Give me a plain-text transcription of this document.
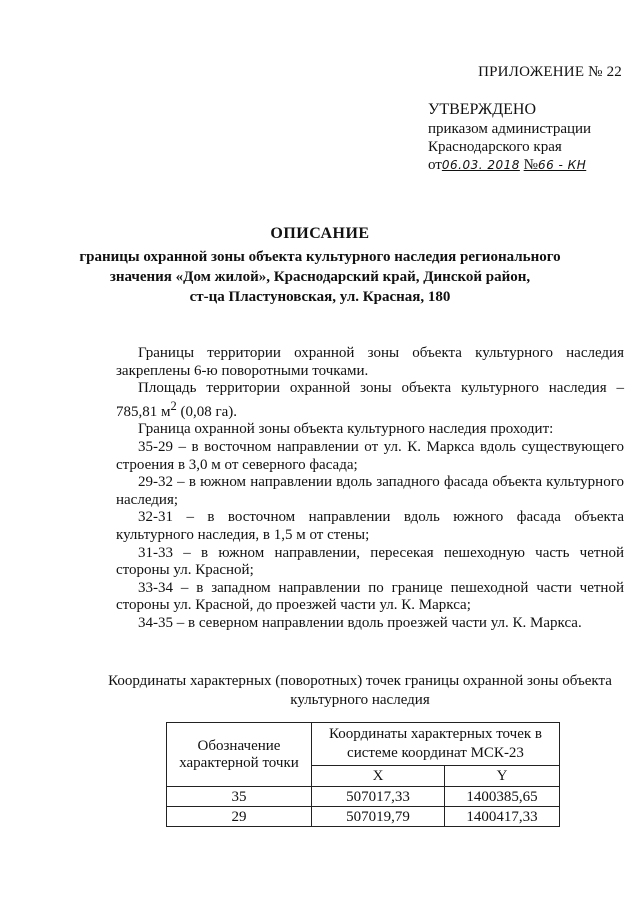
ПРИЛОЖЕНИЕ № 22
УТВЕРЖДЕНО
приказом администрации
Краснодарского края
от06.03. 2018 №66 - КН
ОПИСАНИЕ
границы охранной зоны объекта культурного наследия регионального
значения «Дом жилой», Краснодарский край, Динской район,
ст-ца Пластуновская, ул. Красная, 180

Границы территории охранной зоны объекта культурного наследия закреплены 6-ю поворотными точками.

Площадь территории охранной зоны объекта культурного наследия – 785,81 $м^2$ (0,08 га).

Граница охранной зоны объекта культурного наследия проходит:

35-29 – в восточном направлении от ул. К. Маркса вдоль существующего строения в 3,0 м от северного фасада;

29-32 – в южном направлении вдоль западного фасада объекта культурного наследия;

32-31 – в восточном направлении вдоль южного фасада объекта культурного наследия, в 1,5 м от стены;

31-33 – в южном направлении, пересекая пешеходную часть четной стороны ул. Красной;

33-34 – в западном направлении по границе пешеходной части четной стороны ул. Красной, до проезжей части ул. К. Маркса;

34-35 – в северном направлении вдоль проезжей части ул. К. Маркса.

Координаты характерных (поворотных) точек границы охранной зоны объекта
культурного наследия
Обозначение характерной точки	Координаты характерных точек в системе координат МСК-23	
	X	Y
35	507017,33	1400385,65
29	507019,79	1400417,33
